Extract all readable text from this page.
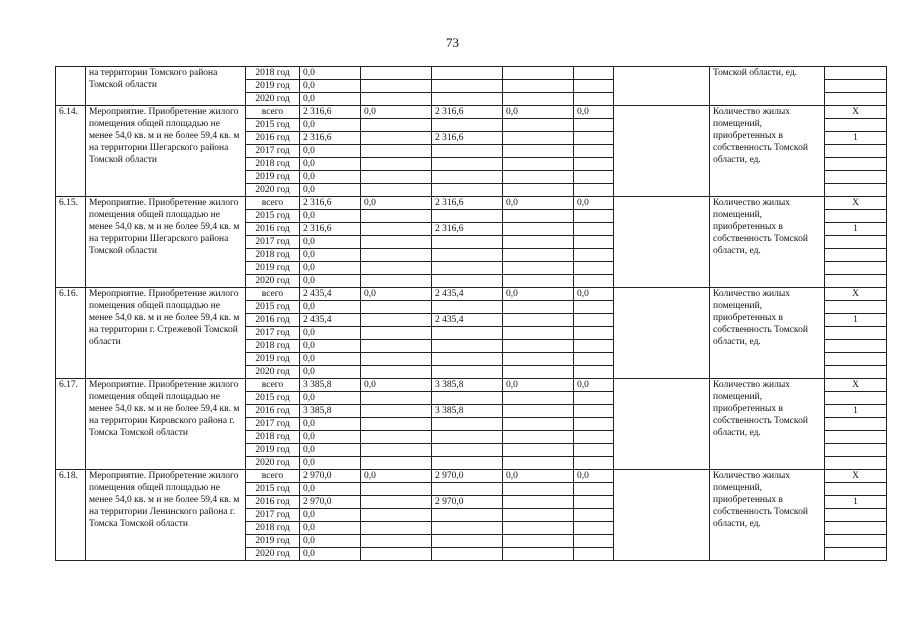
73
	на территории Томского района Томской области	2018 год	0,0						Томской области, ед.	
		2019 год	0,0							
		2020 год	0,0							
6.14.	Мероприятие. Приобретение жилого помещения общей площадью не менее 54,0 кв. м и не более 59,4 кв. м на территории Шегарского района Томской области	всего	2 316,6	0,0	2 316,6	0,0	0,0		Количество жилых помещений, приобретенных в собственность Томской области, ед.	Х
		2015 год	0,0							
		2016 год	2 316,6		2 316,6					1
		2017 год	0,0							
		2018 год	0,0							
		2019 год	0,0							
		2020 год	0,0							
6.15.	Мероприятие. Приобретение жилого помещения общей площадью не менее 54,0 кв. м и не более 59,4 кв. м на территории Шегарского района Томской области	всего	2 316,6	0,0	2 316,6	0,0	0,0		Количество жилых помещений, приобретенных в собственность Томской области, ед.	Х
		2015 год	0,0							
		2016 год	2 316,6		2 316,6					1
		2017 год	0,0							
		2018 год	0,0							
		2019 год	0,0							
		2020 год	0,0							
6.16.	Мероприятие. Приобретение жилого помещения общей площадью не менее 54,0 кв. м и не более 59,4 кв. м на территории г. Стрежевой Томской области	всего	2 435,4	0,0	2 435,4	0,0	0,0		Количество жилых помещений, приобретенных в собственность Томской области, ед.	Х
		2015 год	0,0							
		2016 год	2 435,4		2 435,4					1
		2017 год	0,0							
		2018 год	0,0							
		2019 год	0,0							
		2020 год	0,0							
6.17.	Мероприятие. Приобретение жилого помещения общей площадью не менее 54,0 кв. м и не более 59,4 кв. м на территории Кировского района г. Томска Томской области	всего	3 385,8	0,0	3 385,8	0,0	0,0		Количество жилых помещений, приобретенных в собственность Томской области, ед.	Х
		2015 год	0,0							
		2016 год	3 385,8		3 385,8					1
		2017 год	0,0							
		2018 год	0,0							
		2019 год	0,0							
		2020 год	0,0							
6.18.	Мероприятие. Приобретение жилого помещения общей площадью не менее 54,0 кв. м и не более 59,4 кв. м на территории Ленинского района г. Томска Томской области	всего	2 970,0	0,0	2 970,0	0,0	0,0		Количество жилых помещений, приобретенных в собственность Томской области, ед.	Х
		2015 год	0,0							
		2016 год	2 970,0		2 970,0					1
		2017 год	0,0							
		2018 год	0,0							
		2019 год	0,0							
		2020 год	0,0							
